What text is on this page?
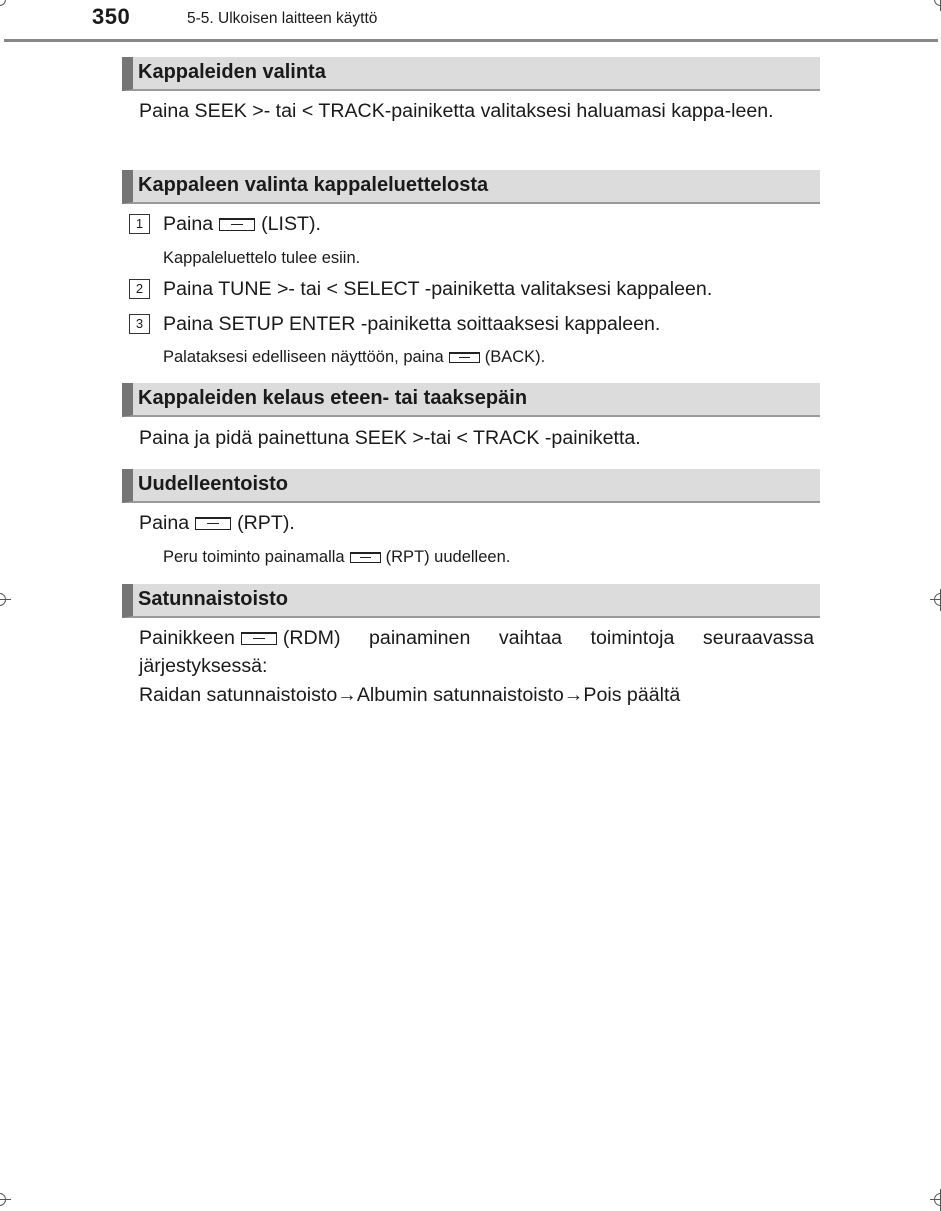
350	5-5. Ulkoisen laitteen käyttö
Kappaleiden valinta
Paina SEEK >- tai < TRACK-painiketta valitaksesi haluamasi kappa-leen.
Kappaleen valinta kappaleluettelosta
1	Paina (LIST).
Kappaleluettelo tulee esiin.
2	Paina TUNE >- tai < SELECT -painiketta valitaksesi kappaleen.
3	Paina SETUP ENTER -painiketta soittaaksesi kappaleen.
Palataksesi edelliseen näyttöön, paina (BACK).
Kappaleiden kelaus eteen- tai taaksepäin
Paina ja pidä painettuna SEEK >-tai < TRACK -painiketta.
Uudelleentoisto
Paina (RPT).
Peru toiminto painamalla (RPT) uudelleen.
Satunnaistoisto
Painikkeen (RDM) painaminen vaihtaa toimintoja seuraavassa järjestyksessä:
Raidan satunnaistoisto→Albumin satunnaistoisto→Pois päältä
